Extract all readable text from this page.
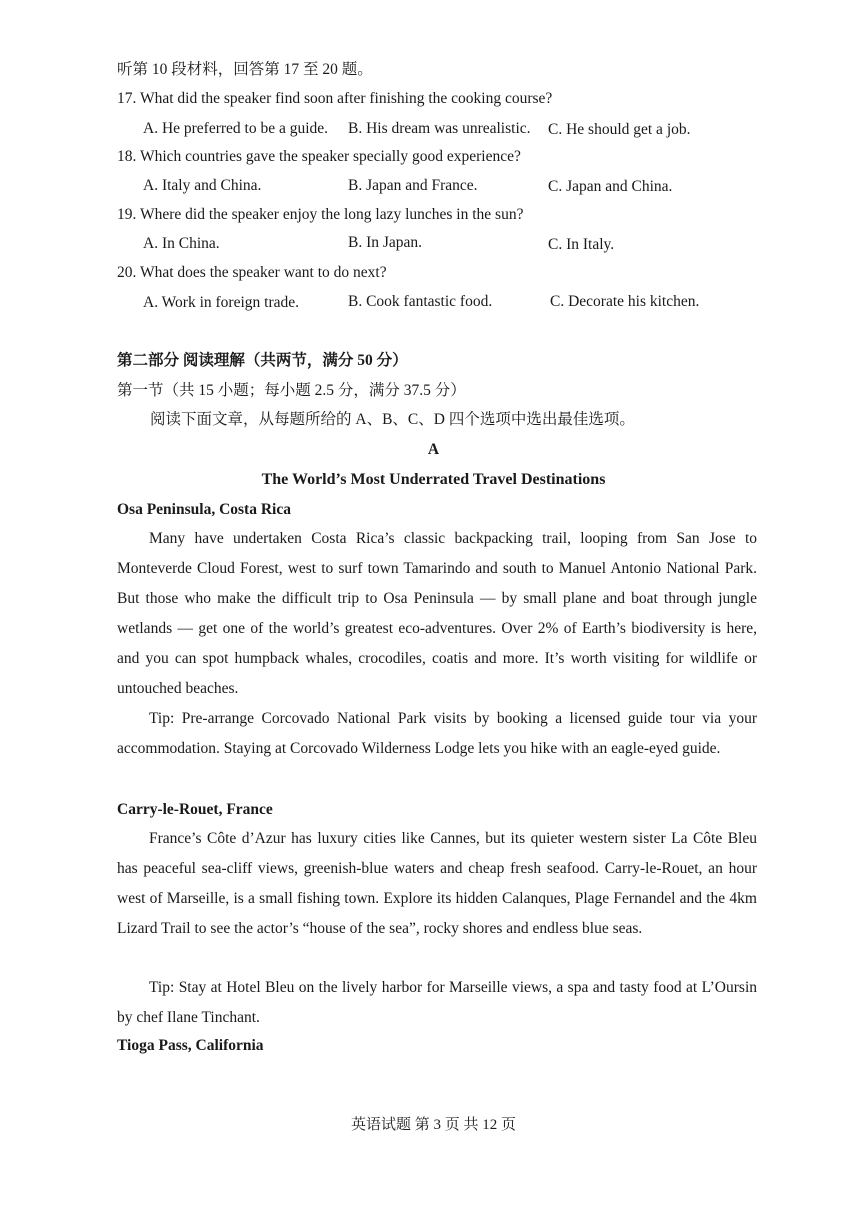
听第 10 段材料，回答第 17 至 20 题。
17. What did the speaker find soon after finishing the cooking course?
A. He preferred to be a guide. B. His dream was unrealistic. C. He should get a job.
18. Which countries gave the speaker specially good experience?
A. Italy and China.	B. Japan and France.	C. Japan and China.
19. Where did the speaker enjoy the long lazy lunches in the sun?
A. In China.	B. In Japan.	C. In Italy.
20. What does the speaker want to do next?
A. Work in foreign trade.	B. Cook fantastic food.	C. Decorate his kitchen.
第二部分 阅读理解（共两节，满分 50 分）
第一节（共 15 小题；每小题 2.5 分，满分 37.5 分）
阅读下面文章，从每题所给的 A、B、C、D 四个选项中选出最佳选项。
A
The World’s Most Underrated Travel Destinations
Osa Peninsula, Costa Rica
Many have undertaken Costa Rica’s classic backpacking trail, looping from San Jose to Monteverde Cloud Forest, west to surf town Tamarindo and south to Manuel Antonio National Park. But those who make the difficult trip to Osa Peninsula — by small plane and boat through jungle wetlands — get one of the world’s greatest eco-adventures. Over 2% of Earth’s biodiversity is here, and you can spot humpback whales, crocodiles, coatis and more. It’s worth visiting for wildlife or untouched beaches.
Tip: Pre-arrange Corcovado National Park visits by booking a licensed guide tour via your accommodation. Staying at Corcovado Wilderness Lodge lets you hike with an eagle-eyed guide.
Carry-le-Rouet, France
France’s Côte d’Azur has luxury cities like Cannes, but its quieter western sister La Côte Bleu has peaceful sea-cliff views, greenish-blue waters and cheap fresh seafood. Carry-le-Rouet, an hour west of Marseille, is a small fishing town. Explore its hidden Calanques, Plage Fernandel and the 4km Lizard Trail to see the actor’s “house of the sea”, rocky shores and endless blue seas.
Tip: Stay at Hotel Bleu on the lively harbor for Marseille views, a spa and tasty food at L’Oursin by chef Ilane Tinchant.
Tioga Pass, California
英语试题 第 3 页 共 12 页
